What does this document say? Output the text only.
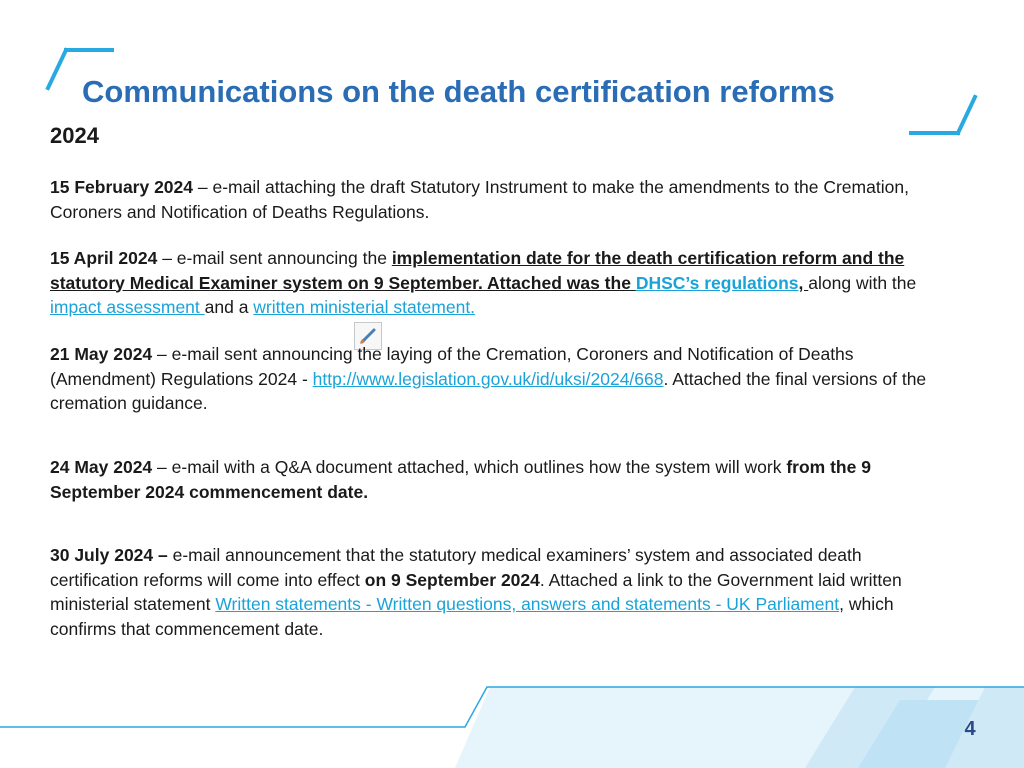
Communications on the death certification reforms
2024

15 February 2024 – e-mail attaching the draft Statutory Instrument to make the amendments to the Cremation, Coroners and Notification of Deaths Regulations.

15 April 2024 – e-mail sent announcing the implementation date for the death certification reform and the statutory Medical Examiner system on 9 September. Attached was the DHSC’s regulations, along with the impact assessment and a written ministerial statement.

21 May 2024 – e-mail sent announcing the laying of the Cremation, Coroners and Notification of Deaths (Amendment) Regulations 2024 - http://www.legislation.gov.uk/id/uksi/2024/668. Attached the final versions of the cremation guidance.

24 May 2024 – e-mail with a Q&A document attached, which outlines how the system will work from the 9 September 2024 commencement date.

30 July 2024 – e-mail announcement that the statutory medical examiners’ system and associated death certification reforms will come into effect on 9 September 2024. Attached a link to the Government laid written ministerial statement Written statements - Written questions, answers and statements - UK Parliament, which confirms that commencement date.

4
